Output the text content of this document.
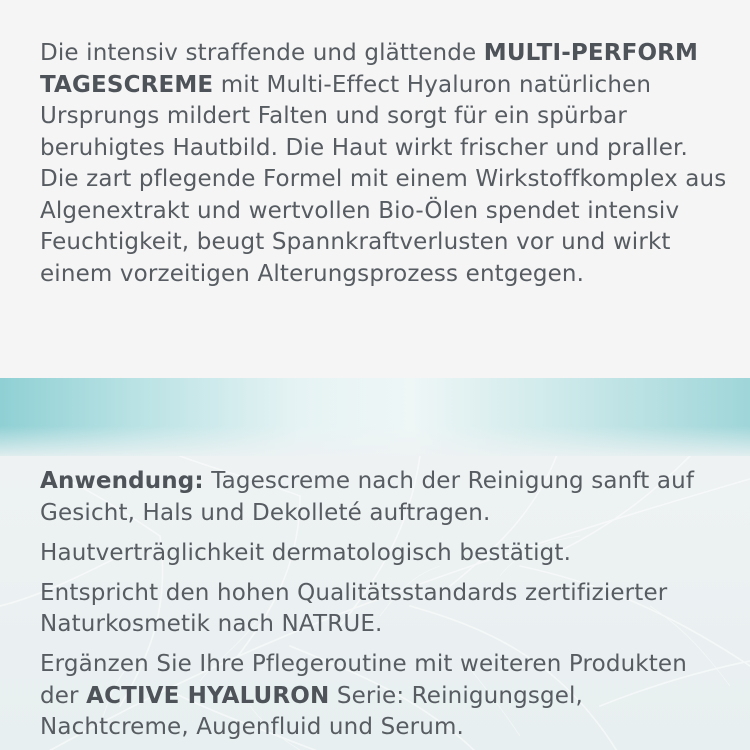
Die intensiv straffende und glättende MULTI-PERFORM TAGESCREME mit Multi-Effect Hyaluron natürlichen Ursprungs mildert Falten und sorgt für ein spürbar beruhigtes Hautbild. Die Haut wirkt frischer und praller. Die zart pflegende Formel mit einem Wirkstoffkomplex aus Algenextrakt und wertvollen Bio-Ölen spendet intensiv Feuchtigkeit, beugt Spannkraftverlusten vor und wirkt einem vorzeitigen Alterungsprozess entgegen.

Anwendung: Tagescreme nach der Reinigung sanft auf Gesicht, Hals und Dekolleté auftragen.

Hautverträglichkeit dermatologisch bestätigt.

Entspricht den hohen Qualitätsstandards zertifizierter Naturkosmetik nach NATRUE.

Ergänzen Sie Ihre Pflegeroutine mit weiteren Produkten der ACTIVE HYALURON Serie: Reinigungsgel, Nachtcreme, Augenfluid und Serum.
